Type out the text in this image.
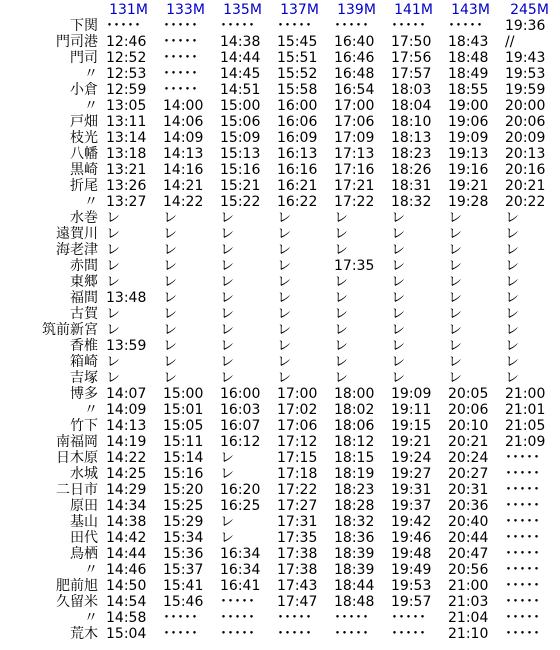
	131M	133M	135M	137M	139M	141M	143M	245M
下関	･････	･････	･････	･････	･････	･････	･････	19:36
門司港	12:46	･････	14:38	15:45	16:40	17:50	18:43	//
門司	12:52	･････	14:44	15:51	16:46	17:56	18:48	19:43
〃	12:53	･････	14:45	15:52	16:48	17:57	18:49	19:53
小倉	12:59	･････	14:51	15:58	16:54	18:03	18:55	19:59
〃	13:05	14:00	15:00	16:00	17:00	18:04	19:00	20:00
戸畑	13:11	14:06	15:06	16:06	17:06	18:10	19:06	20:06
枝光	13:14	14:09	15:09	16:09	17:09	18:13	19:09	20:09
八幡	13:18	14:13	15:13	16:13	17:13	18:23	19:13	20:13
黒崎	13:21	14:16	15:16	16:16	17:16	18:26	19:16	20:16
折尾	13:26	14:21	15:21	16:21	17:21	18:31	19:21	20:21
〃	13:27	14:22	15:22	16:22	17:22	18:32	19:28	20:22
水巻	レ	レ	レ	レ	レ	レ	レ	レ
遠賀川	レ	レ	レ	レ	レ	レ	レ	レ
海老津	レ	レ	レ	レ	レ	レ	レ	レ
赤間	レ	レ	レ	レ	17:35	レ	レ	レ
東郷	レ	レ	レ	レ	レ	レ	レ	レ
福間	13:48	レ	レ	レ	レ	レ	レ	レ
古賀	レ	レ	レ	レ	レ	レ	レ	レ
筑前新宮	レ	レ	レ	レ	レ	レ	レ	レ
香椎	13:59	レ	レ	レ	レ	レ	レ	レ
箱崎	レ	レ	レ	レ	レ	レ	レ	レ
吉塚	レ	レ	レ	レ	レ	レ	レ	レ
博多	14:07	15:00	16:00	17:00	18:00	19:09	20:05	21:00
〃	14:09	15:01	16:03	17:02	18:02	19:11	20:06	21:01
竹下	14:13	15:05	16:07	17:06	18:06	19:15	20:10	21:05
南福岡	14:19	15:11	16:12	17:12	18:12	19:21	20:21	21:09
日木原	14:22	15:14	レ	17:15	18:15	19:24	20:24	･････
水城	14:25	15:16	レ	17:18	18:19	19:27	20:27	･････
二日市	14:29	15:20	16:20	17:22	18:23	19:31	20:31	･････
原田	14:34	15:25	16:25	17:27	18:28	19:37	20:36	･････
基山	14:38	15:29	レ	17:31	18:32	19:42	20:40	･････
田代	14:42	15:34	レ	17:35	18:36	19:46	20:44	･････
鳥栖	14:44	15:36	16:34	17:38	18:39	19:48	20:47	･････
〃	14:46	15:37	16:34	17:38	18:39	19:49	20:56	･････
肥前旭	14:50	15:41	16:41	17:43	18:44	19:53	21:00	･････
久留米	14:54	15:46	･････	17:47	18:48	19:57	21:03	･････
〃	14:58	･････	･････	･････	･････	･････	21:04	･････
荒木	15:04	･････	･････	･････	･････	･････	21:10	･････
